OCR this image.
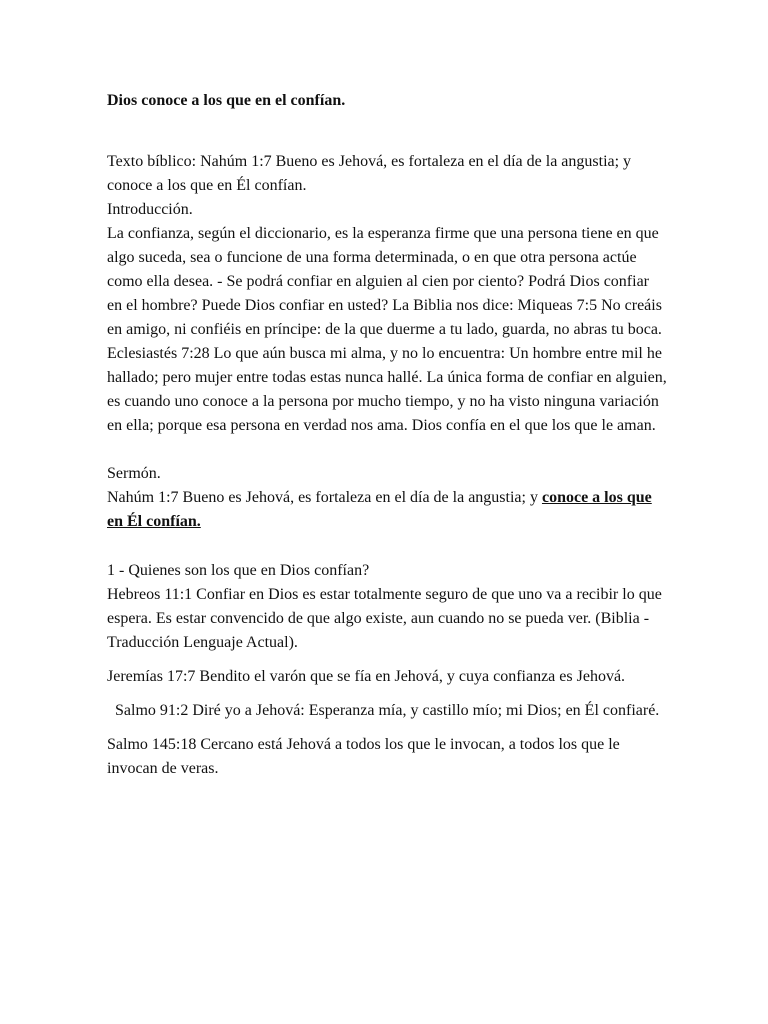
Dios conoce a los que en el confían.

Texto bíblico: Nahúm 1:7 Bueno es Jehová, es fortaleza en el día de la angustia; y conoce a los que en Él confían.

Introducción.

La confianza, según el diccionario, es la esperanza firme que una persona tiene en que algo suceda, sea o funcione de una forma determinada, o en que otra persona actúe como ella desea. - Se podrá confiar en alguien al cien por ciento? Podrá Dios confiar en el hombre? Puede Dios confiar en usted? La Biblia nos dice: Miqueas 7:5 No creáis en amigo, ni confiéis en príncipe: de la que duerme a tu lado, guarda, no abras tu boca. Eclesiastés 7:28 Lo que aún busca mi alma, y no lo encuentra: Un hombre entre mil he hallado; pero mujer entre todas estas nunca hallé. La única forma de confiar en alguien, es cuando uno conoce a la persona por mucho tiempo, y no ha visto ninguna variación en ella; porque esa persona en verdad nos ama. Dios confía en el que los que le aman.

Sermón.

Nahúm 1:7 Bueno es Jehová, es fortaleza en el día de la angustia; y conoce a los que en Él confían.

1 - Quienes son los que en Dios confían?

Hebreos 11:1 Confiar en Dios es estar totalmente seguro de que uno va a recibir lo que espera. Es estar convencido de que algo existe, aun cuando no se pueda ver. (Biblia - Traducción Lenguaje Actual).

Jeremías 17:7 Bendito el varón que se fía en Jehová, y cuya confianza es Jehová.

Salmo 91:2 Diré yo a Jehová: Esperanza mía, y castillo mío; mi Dios; en Él confiaré.

Salmo 145:18 Cercano está Jehová a todos los que le invocan, a todos los que le invocan de veras.
